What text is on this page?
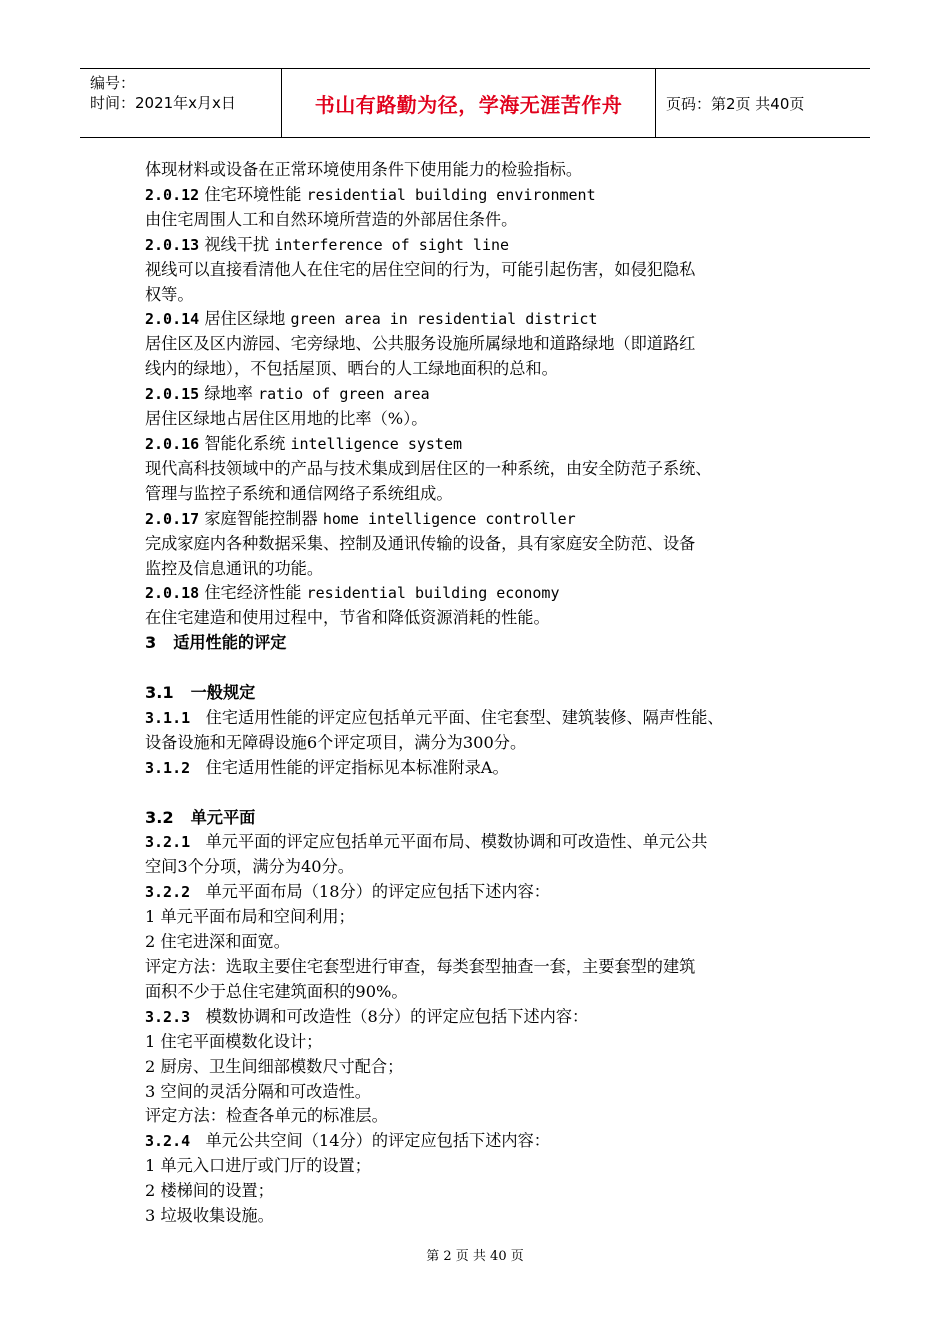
编号：
时间：2021年x月x日	书山有路勤为径，学海无涯苦作舟	页码：第2页 共40页

体现材料或设备在正常环境使用条件下使用能力的检验指标。

2.0.12 住宅环境性能 residential building environment

由住宅周围人工和自然环境所营造的外部居住条件。

2.0.13 视线干扰 interference of sight line

视线可以直接看清他人在住宅的居住空间的行为，可能引起伤害，如侵犯隐私

权等。

2.0.14 居住区绿地 green area in residential district

居住区及区内游园、宅旁绿地、公共服务设施所属绿地和道路绿地（即道路红

线内的绿地），不包括屋顶、晒台的人工绿地面积的总和。

2.0.15 绿地率 ratio of green area

居住区绿地占居住区用地的比率（%）。

2.0.16 智能化系统 intelligence system

现代高科技领域中的产品与技术集成到居住区的一种系统，由安全防范子系统、

管理与监控子系统和通信网络子系统组成。

2.0.17 家庭智能控制器 home intelligence controller

完成家庭内各种数据采集、控制及通讯传输的设备，具有家庭安全防范、设备

监控及信息通讯的功能。

2.0.18 住宅经济性能 residential building economy

在住宅建造和使用过程中，节省和降低资源消耗的性能。

3 适用性能的评定

3.1 一般规定

3.1.1 住宅适用性能的评定应包括单元平面、住宅套型、建筑装修、隔声性能、

设备设施和无障碍设施6个评定项目，满分为300分。

3.1.2 住宅适用性能的评定指标见本标准附录A。

3.2 单元平面

3.2.1 单元平面的评定应包括单元平面布局、模数协调和可改造性、单元公共

空间3个分项，满分为40分。

3.2.2 单元平面布局（18分）的评定应包括下述内容：

1 单元平面布局和空间利用；

2 住宅进深和面宽。

评定方法：选取主要住宅套型进行审查，每类套型抽查一套，主要套型的建筑

面积不少于总住宅建筑面积的90%。

3.2.3 模数协调和可改造性（8分）的评定应包括下述内容：

1 住宅平面模数化设计；

2 厨房、卫生间细部模数尺寸配合；

3 空间的灵活分隔和可改造性。

评定方法：检查各单元的标准层。

3.2.4 单元公共空间（14分）的评定应包括下述内容：

1 单元入口进厅或门厅的设置；

2 楼梯间的设置；

3 垃圾收集设施。

第 2 页 共 40 页
